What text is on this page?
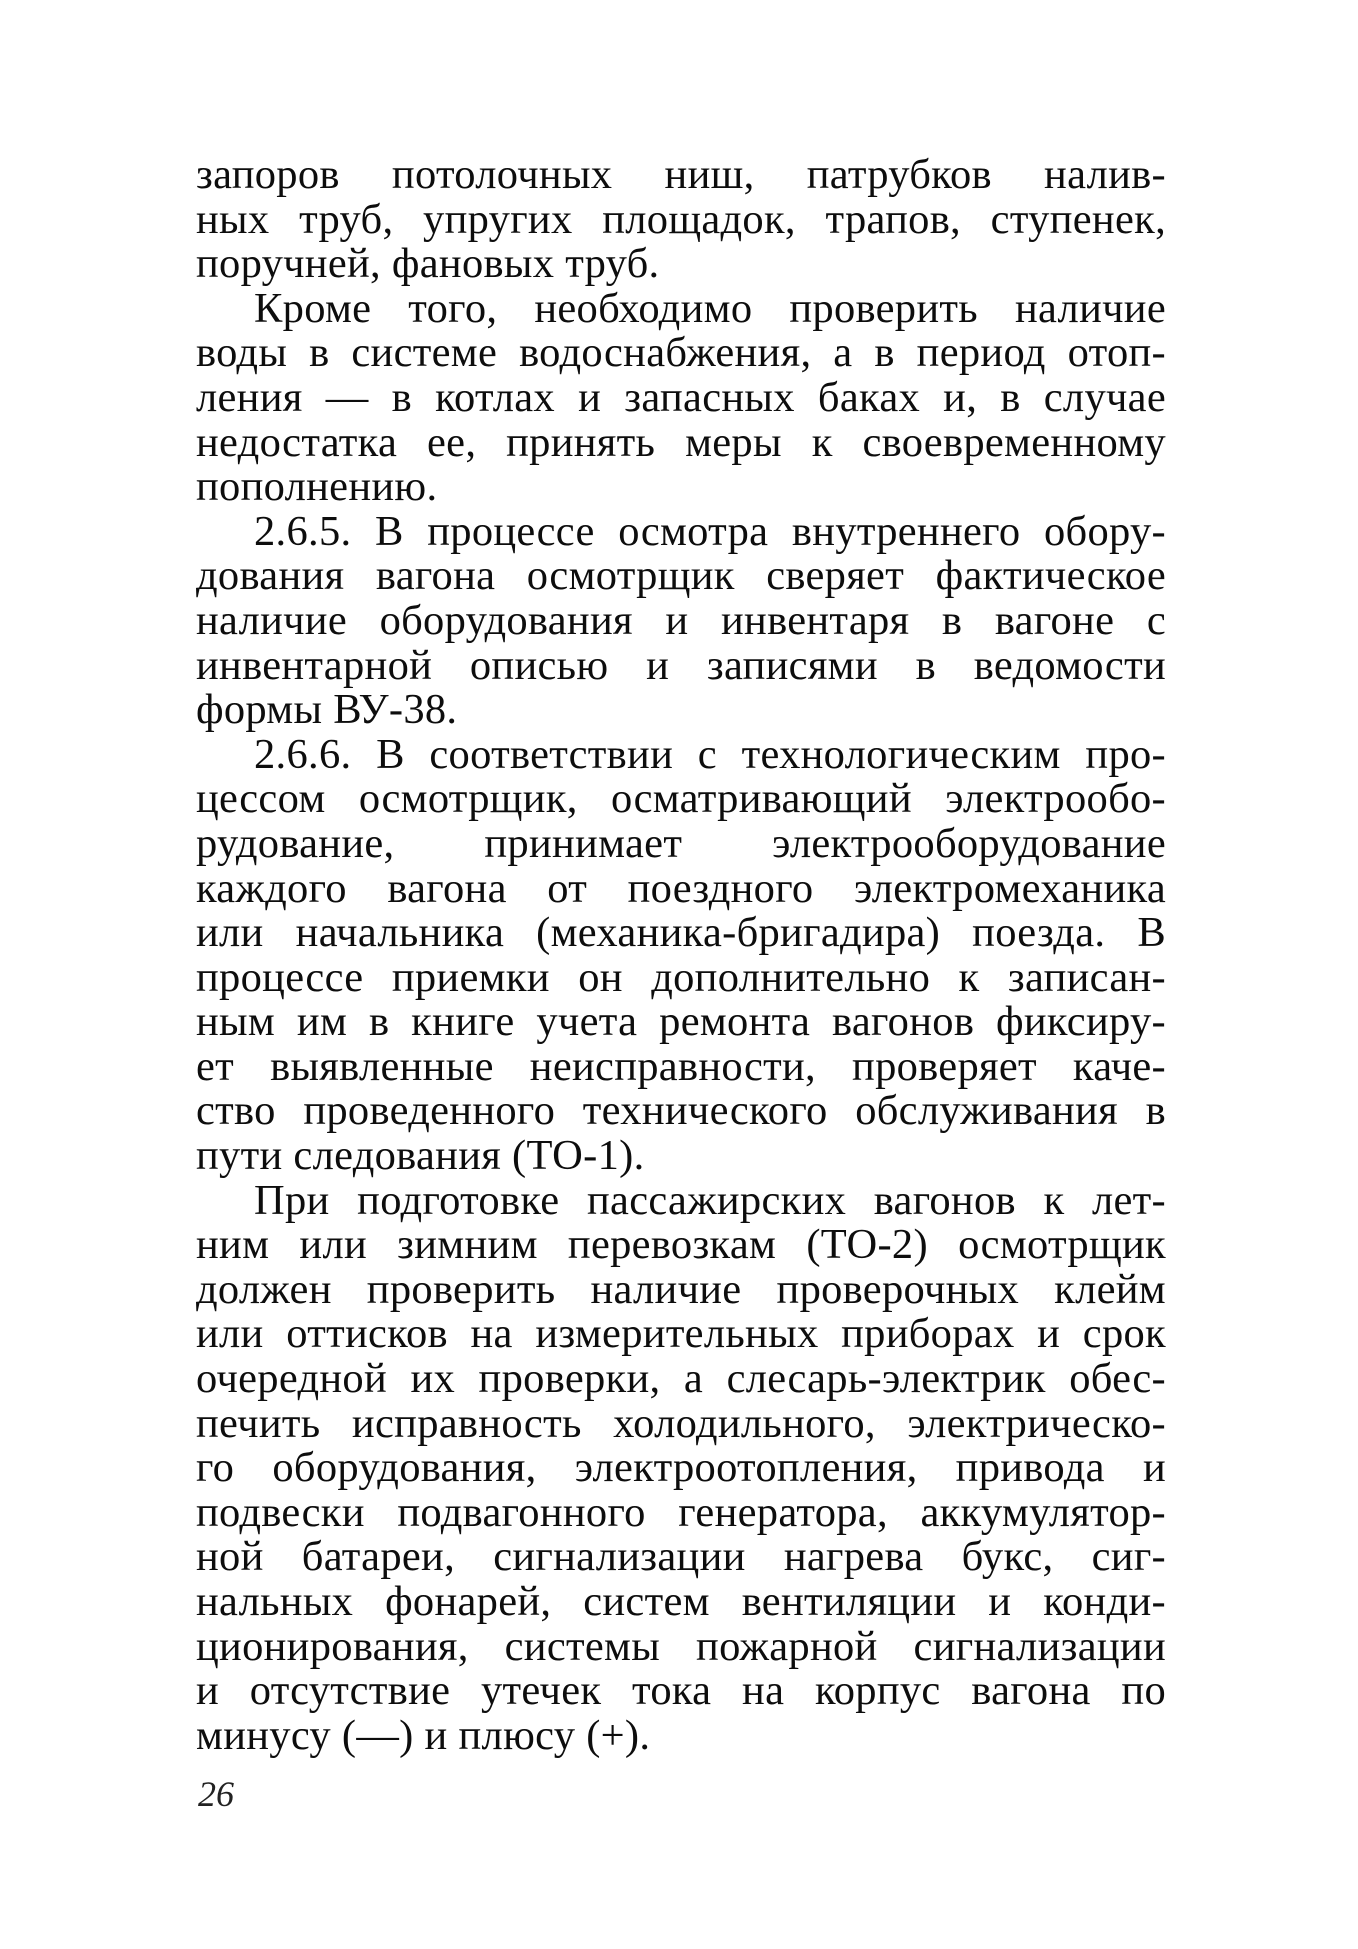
запоров потолочных ниш, патрубков налив-
ных труб, упругих площадок, трапов, ступенек,
поручней, фановых труб.
Кроме того, необходимо проверить наличие
воды в системе водоснабжения, а в период отоп-
ления — в котлах и запасных баках и, в случае
недостатка ее, принять меры к своевременному
пополнению.
2.6.5. В процессе осмотра внутреннего обору-
дования вагона осмотрщик сверяет фактическое
наличие оборудования и инвентаря в вагоне с
инвентарной описью и записями в ведомости
формы ВУ-38.
2.6.6. В соответствии с технологическим про-
цессом осмотрщик, осматривающий электрообо-
рудование, принимает электрооборудование
каждого вагона от поездного электромеханика
или начальника (механика-бригадира) поезда. В
процессе приемки он дополнительно к записан-
ным им в книге учета ремонта вагонов фиксиру-
ет выявленные неисправности, проверяет каче-
ство проведенного технического обслуживания в
пути следования (ТО-1).
При подготовке пассажирских вагонов к лет-
ним или зимним перевозкам (ТО-2) осмотрщик
должен проверить наличие проверочных клейм
или оттисков на измерительных приборах и срок
очередной их проверки, а слесарь-электрик обес-
печить исправность холодильного, электрическо-
го оборудования, электроотопления, привода и
подвески подвагонного генератора, аккумулятор-
ной батареи, сигнализации нагрева букс, сиг-
нальных фонарей, систем вентиляции и конди-
ционирования, системы пожарной сигнализации
и отсутствие утечек тока на корпус вагона по
минусу (—) и плюсу (+).
26
